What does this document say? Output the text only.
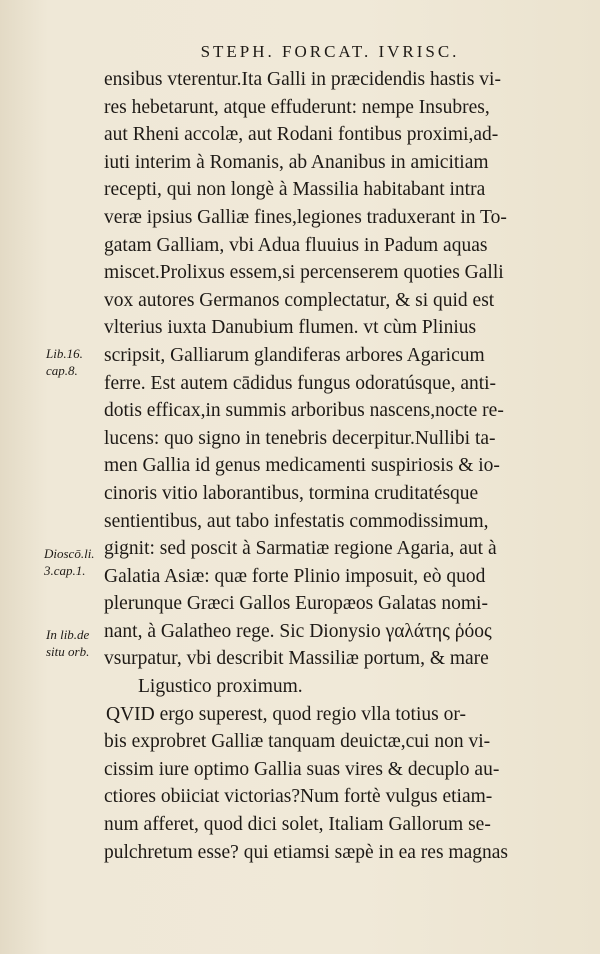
STEPH. FORCAT. IVRISC.
Lib.16.
cap.8.
Dioscō.li.
3.cap.1.
In lib.de
situ orb.
ensibus vterentur.Ita Galli in præcidendis hastis vi-
res hebetarunt, atque effuderunt: nempe Insubres,
aut Rheni accolæ, aut Rodani fontibus proximi,ad-
iuti interim à Romanis, ab Ananibus in amicitiam
recepti, qui non longè à Massilia habitabant intra
veræ ipsius Galliæ fines,legiones traduxerant in To-
gatam Galliam, vbi Adua fluuius in Padum aquas
miscet.Prolixus essem,si percenserem quoties Galli
vox autores Germanos complectatur, & si quid est
vlterius iuxta Danubium flumen. vt cùm Plinius
scripsit, Galliarum glandiferas arbores Agaricum
ferre. Est autem cādidus fungus odoratúsque, anti-
dotis efficax,in summis arboribus nascens,nocte re-
lucens: quo signo in tenebris decerpitur.Nullibi ta-
men Gallia id genus medicamenti suspiriosis & io-
cinoris vitio laborantibus, tormina cruditatésque
sentientibus, aut tabo infestatis commodissimum,
gignit: sed poscit à Sarmatiæ regione Agaria, aut à
Galatia Asiæ: quæ forte Plinio imposuit, eò quod
plerunque Græci Gallos Europæos Galatas nomi-
nant, à Galatheo rege. Sic Dionysio γαλάτης ῥόος
vsurpatur, vbi describit Massiliæ portum, & mare
Ligustico proximum.
QVID ergo superest, quod regio vlla totius or-
bis exprobret Galliæ tanquam deuictæ,cui non vi-
cissim iure optimo Gallia suas vires & decuplo au-
ctiores obiiciat victorias?Num fortè vulgus etiam-
num afferet, quod dici solet, Italiam Gallorum se-
pulchretum esse? qui etiamsi sæpè in ea res magnas
